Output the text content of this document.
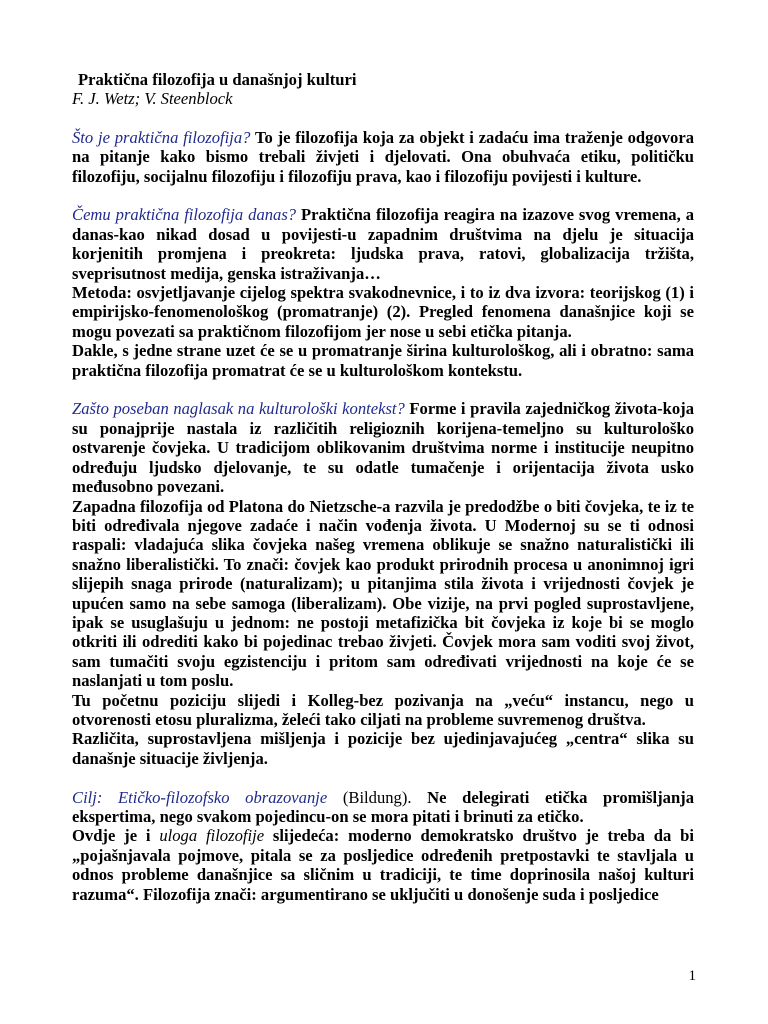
Praktična filozofija u današnjoj kulturi

F. J. Wetz; V. Steenblock

Što je praktična filozofija? To je filozofija koja za objekt i zadaću ima traženje odgovora na pitanje kako bismo trebali živjeti i djelovati. Ona obuhvaća etiku, političku filozofiju, socijalnu filozofiju i filozofiju prava, kao i filozofiju povijesti i kulture.

Čemu praktična filozofija danas? Praktična filozofija reagira na izazove svog vremena, a danas-kao nikad dosad u povijesti-u zapadnim društvima na djelu je situacija korjenitih promjena i preokreta: ljudska prava, ratovi, globalizacija tržišta, sveprisutnost medija, genska istraživanja…

Metoda: osvjetljavanje cijelog spektra svakodnevnice, i to iz dva izvora: teorijskog (1) i empirijsko-fenomenološkog (promatranje) (2). Pregled fenomena današnjice koji se mogu povezati sa praktičnom filozofijom jer nose u sebi etička pitanja.

Dakle, s jedne strane uzet će se u promatranje širina kulturološkog, ali i obratno: sama praktična filozofija promatrat će se u kulturološkom kontekstu.

Zašto poseban naglasak na kulturološki kontekst? Forme i pravila zajedničkog života-koja su ponajprije nastala iz različitih religioznih korijena-temeljno su kulturološko ostvarenje čovjeka. U tradicijom oblikovanim društvima norme i institucije neupitno određuju ljudsko djelovanje, te su odatle tumačenje i orijentacija života usko međusobno povezani.

Zapadna filozofija od Platona do Nietzsche-a razvila je predodžbe o biti čovjeka, te iz te biti određivala njegove zadaće i način vođenja života. U Modernoj su se ti odnosi raspali: vladajuća slika čovjeka našeg vremena oblikuje se snažno naturalistički ili snažno liberalistički. To znači: čovjek kao produkt prirodnih procesa u anonimnoj igri slijepih snaga prirode (naturalizam); u pitanjima stila života i vrijednosti čovjek je upućen samo na sebe samoga (liberalizam). Obe vizije, na prvi pogled suprostavljene, ipak se usuglašuju u jednom: ne postoji metafizička bit čovjeka iz koje bi se moglo otkriti ili odrediti kako bi pojedinac trebao živjeti. Čovjek mora sam voditi svoj život, sam tumačiti svoju egzistenciju i pritom sam određivati vrijednosti na koje će se naslanjati u tom poslu.

Tu početnu poziciju slijedi i Kolleg-bez pozivanja na „veću“ instancu, nego u otvorenosti etosu pluralizma, želeći tako ciljati na probleme suvremenog društva.

Različita, suprostavljena mišljenja i pozicije bez ujedinjavajućeg „centra“ slika su današnje situacije življenja.

Cilj: Etičko-filozofsko obrazovanje (Bildung). Ne delegirati etička promišljanja ekspertima, nego svakom pojedincu-on se mora pitati i brinuti za etičko.

Ovdje je i uloga filozofije slijedeća: moderno demokratsko društvo je treba da bi „pojašnjavala pojmove, pitala se za posljedice određenih pretpostavki te stavljala u odnos probleme današnjice sa sličnim u tradiciji, te time doprinosila našoj kulturi razuma“. Filozofija znači: argumentirano se uključiti u donošenje suda i posljedice

1
